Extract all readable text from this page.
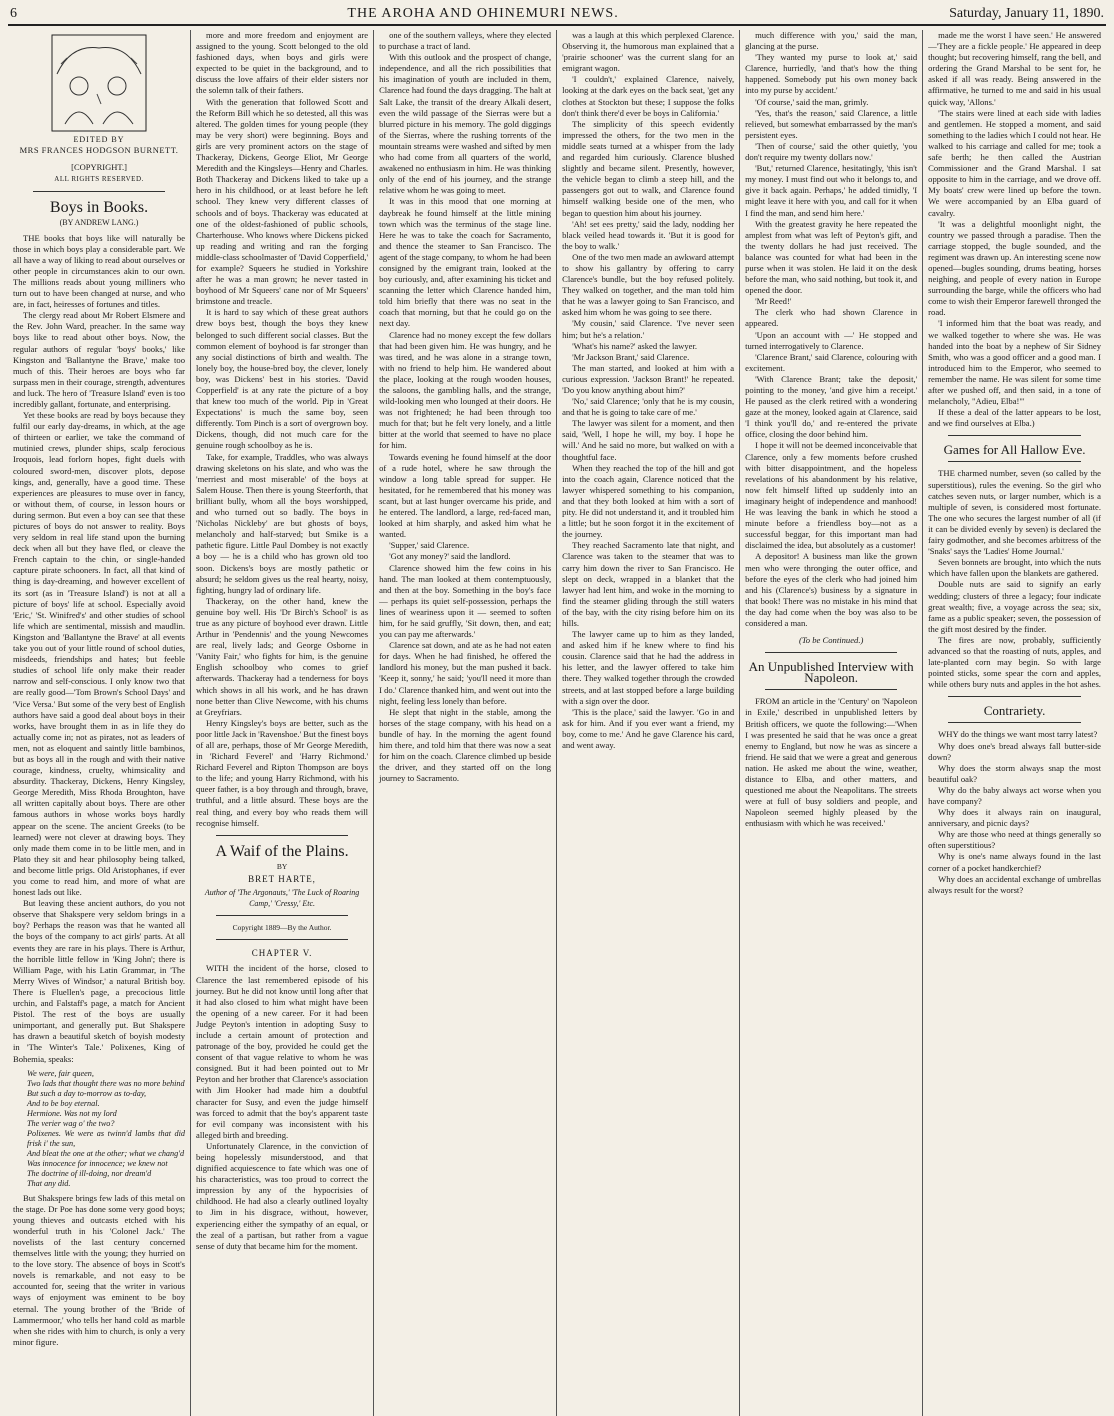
6	THE AROHA AND OHINEMURI NEWS.	Saturday, January 11, 1890.
EDITED BY
MRS FRANCES HODGSON BURNETT.
[COPYRIGHT.]
ALL RIGHTS RESERVED.
Boys in Books.
(BY ANDREW LANG.)

THE books that boys like will naturally be those in which boys play a considerable part. We all have a way of liking to read about ourselves or other people in circumstances akin to our own. The millions reads about young milliners who turn out to have been changed at nurse, and who are, in fact, heiresses of fortunes and titles.

The clergy read about Mr Robert Elsmere and the Rev. John Ward, preacher. In the same way boys like to read about other boys. Now, the regular authors of regular 'boys' books,' like Kingston and 'Ballantyne the Brave,' make too much of this. Their heroes are boys who far surpass men in their courage, strength, adventures and luck. The hero of 'Treasure Island' even is too incredibly gallant, fortunate, and enterprising.

Yet these books are read by boys because they fulfil our early day-dreams, in which, at the age of thirteen or earlier, we take the command of mutinied crews, plunder ships, scalp ferocious Iroquois, lead forlorn hopes, fight duels with coloured sword-men, discover plots, depose kings, and, generally, have a good time. These experiences are pleasures to muse over in fancy, or without them, of course, in lesson hours or during sermon. But even a boy can see that these pictures of boys do not answer to reality. Boys very seldom in real life stand upon the burning deck when all but they have fled, or cleave the French captain to the chin, or single-handed capture pirate schooners. In fact, all that kind of thing is day-dreaming, and however excellent of its sort (as in 'Treasure Island') is not at all a picture of boys' life at school. Especially avoid 'Eric,' 'St. Winifred's' and other studies of school life which are sentimental, missish and maudlin. Kingston and 'Ballantyne the Brave' at all events take you out of your little round of school duties, misdeeds, friendships and hates; but feeble studies of school life only make their reader narrow and self-conscious. I only know two that are really good—'Tom Brown's School Days' and 'Vice Versa.' But some of the very best of English authors have said a good deal about boys in their works, have brought them in as in life they do actually come in; not as pirates, not as leaders of men, not as eloquent and saintly little bambinos, but as boys all in the rough and with their native courage, kindness, cruelty, whimsicality and absurdity. Thackeray, Dickens, Henry Kingsley, George Meredith, Miss Rhoda Broughton, have all written capitally about boys. There are other famous authors in whose works boys hardly appear on the scene. The ancient Greeks (to be learned) were not clever at drawing boys. They only made them come in to be little men, and in Plato they sit and hear philosophy being talked, and become little prigs. Old Aristophanes, if ever you come to read him, and more of what are honest lads out like.

But leaving these ancient authors, do you not observe that Shakspere very seldom brings in a boy? Perhaps the reason was that he wanted all the boys of the company to act girls' parts. At all events they are rare in his plays. There is Arthur, the horrible little fellow in 'King John'; there is William Page, with his Latin Grammar, in 'The Merry Wives of Windsor,' a natural British boy. There is Fluellen's page, a precocious little urchin, and Falstaff's page, a match for Ancient Pistol. The rest of the boys are usually unimportant, and generally put. But Shakspere has drawn a beautiful sketch of boyish modesty in 'The Winter's Tale.' Polixenes, King of Bohemia, speaks:

We were, fair queen,
Two lads that thought there was no more behind
But such a day to-morrow as to-day,
And to be boy eternal.
Hermione. Was not my lord
The verier wag o' the two?
Polixenes. We were as twinn'd lambs that did frisk i' the sun,
And bleat the one at the other; what we chang'd
Was innocence for innocence; we knew not
The doctrine of ill-doing, nor dream'd
That any did.

But Shakspere brings few lads of this metal on the stage. Dr Poe has done some very good boys; young thieves and outcasts etched with his wonderful truth in his 'Colonel Jack.' The novelists of the last century concerned themselves little with the young; they hurried on to the love story. The absence of boys in Scott's novels is remarkable, and not easy to be accounted for, seeing that the writer in various ways of enjoyment was eminent to be boy eternal. The young brother of the 'Bride of Lammermoor,' who tells her hand cold as marble when she rides with him to church, is only a very minor figure.

more and more freedom and enjoyment are assigned to the young. Scott belonged to the old fashioned days, when boys and girls were expected to be quiet in the background, and to discuss the love affairs of their elder sisters nor the solemn talk of their fathers.

With the generation that followed Scott and the Reform Bill which he so detested, all this was altered. The golden times for young people (they may be very short) were beginning. Boys and girls are very prominent actors on the stage of Thackeray, Dickens, George Eliot, Mr George Meredith and the Kingsleys—Henry and Charles. Both Thackeray and Dickens liked to take up a hero in his childhood, or at least before he left school. They knew very different classes of schools and of boys. Thackeray was educated at one of the oldest-fashioned of public schools, Charterhouse. Who knows where Dickens picked up reading and writing and ran the forging middle-class schoolmaster of 'David Copperfield,' for example? Squeers he studied in Yorkshire after he was a man grown; he never tasted in boyhood of Mr Squeers' cane nor of Mr Squeers' brimstone and treacle.

It is hard to say which of these great authors drew boys best, though the boys they knew belonged to such different social classes. But the common element of boyhood is far stronger than any social distinctions of birth and wealth. The lonely boy, the house-bred boy, the clever, lonely boy, was Dickens' best in his stories. 'David Copperfield' is at any rate the picture of a boy that knew too much of the world. Pip in 'Great Expectations' is much the same boy, seen differently. Tom Pinch is a sort of overgrown boy. Dickens, though, did not much care for the genuine rough schoolboy as he is.

Take, for example, Traddles, who was always drawing skeletons on his slate, and who was the 'merriest and most miserable' of the boys at Salem House. Then there is young Steerforth, that brilliant bully, whom all the boys worshipped, and who turned out so badly. The boys in 'Nicholas Nickleby' are but ghosts of boys, melancholy and half-starved; but Smike is a pathetic figure. Little Paul Dombey is not exactly a boy — he is a child who has grown old too soon. Dickens's boys are mostly pathetic or absurd; he seldom gives us the real hearty, noisy, fighting, hungry lad of ordinary life.

Thackeray, on the other hand, knew the genuine boy well. His 'Dr Birch's School' is as true as any picture of boyhood ever drawn. Little Arthur in 'Pendennis' and the young Newcomes are real, lively lads; and George Osborne in 'Vanity Fair,' who fights for him, is the genuine English schoolboy who comes to grief afterwards. Thackeray had a tenderness for boys which shows in all his work, and he has drawn none better than Clive Newcome, with his chums at Greyfriars.

Henry Kingsley's boys are better, such as the poor little Jack in 'Ravenshoe.' But the finest boys of all are, perhaps, those of Mr George Meredith, in 'Richard Feverel' and 'Harry Richmond.' Richard Feverel and Ripton Thompson are boys to the life; and young Harry Richmond, with his queer father, is a boy through and through, brave, truthful, and a little absurd. These boys are the real thing, and every boy who reads them will recognise himself.

A Waif of the Plains.
BY
BRET HARTE,
Author of 'The Argonauts,' 'The Luck of Roaring Camp,' 'Cressy,' Etc.
Copyright 1889—By the Author.
CHAPTER V.

WITH the incident of the horse, closed to Clarence the last remembered episode of his journey. But he did not know until long after that it had also closed to him what might have been the opening of a new career. For it had been Judge Peyton's intention in adopting Susy to include a certain amount of protection and patronage of the boy, provided he could get the consent of that vague relative to whom he was consigned. But it had been pointed out to Mr Peyton and her brother that Clarence's association with Jim Hooker had made him a doubtful character for Susy, and even the judge himself was forced to admit that the boy's apparent taste for evil company was inconsistent with his alleged birth and breeding.

Unfortunately Clarence, in the conviction of being hopelessly misunderstood, and that dignified acquiescence to fate which was one of his characteristics, was too proud to correct the impression by any of the hypocrisies of childhood. He had also a clearly outlined loyalty to Jim in his disgrace, without, however, experiencing either the sympathy of an equal, or the zeal of a partisan, but rather from a vague sense of duty that became him for the moment.

one of the southern valleys, where they elected to purchase a tract of land.

With this outlook and the prospect of change, independence, and all the rich possibilities that his imagination of youth are included in them, Clarence had found the days dragging. The halt at Salt Lake, the transit of the dreary Alkali desert, even the wild passage of the Sierras were but a blurred picture in his memory. The gold diggings of the Sierras, where the rushing torrents of the mountain streams were washed and sifted by men who had come from all quarters of the world, awakened no enthusiasm in him. He was thinking only of the end of his journey, and the strange relative whom he was going to meet.

It was in this mood that one morning at daybreak he found himself at the little mining town which was the terminus of the stage line. Here he was to take the coach for Sacramento, and thence the steamer to San Francisco. The agent of the stage company, to whom he had been consigned by the emigrant train, looked at the boy curiously, and, after examining his ticket and scanning the letter which Clarence handed him, told him briefly that there was no seat in the coach that morning, but that he could go on the next day.

Clarence had no money except the few dollars that had been given him. He was hungry, and he was tired, and he was alone in a strange town, with no friend to help him. He wandered about the place, looking at the rough wooden houses, the saloons, the gambling halls, and the strange, wild-looking men who lounged at their doors. He was not frightened; he had been through too much for that; but he felt very lonely, and a little bitter at the world that seemed to have no place for him.

Towards evening he found himself at the door of a rude hotel, where he saw through the window a long table spread for supper. He hesitated, for he remembered that his money was scant, but at last hunger overcame his pride, and he entered. The landlord, a large, red-faced man, looked at him sharply, and asked him what he wanted.

'Supper,' said Clarence.

'Got any money?' said the landlord.

Clarence showed him the few coins in his hand. The man looked at them contemptuously, and then at the boy. Something in the boy's face — perhaps its quiet self-possession, perhaps the lines of weariness upon it — seemed to soften him, for he said gruffly, 'Sit down, then, and eat; you can pay me afterwards.'

Clarence sat down, and ate as he had not eaten for days. When he had finished, he offered the landlord his money, but the man pushed it back. 'Keep it, sonny,' he said; 'you'll need it more than I do.' Clarence thanked him, and went out into the night, feeling less lonely than before.

He slept that night in the stable, among the horses of the stage company, with his head on a bundle of hay. In the morning the agent found him there, and told him that there was now a seat for him on the coach. Clarence climbed up beside the driver, and they started off on the long journey to Sacramento.

was a laugh at this which perplexed Clarence. Observing it, the humorous man explained that a 'prairie schooner' was the current slang for an emigrant wagon.

'I couldn't,' explained Clarence, naively, looking at the dark eyes on the back seat, 'get any clothes at Stockton but these; I suppose the folks don't think there'd ever be boys in California.'

The simplicity of this speech evidently impressed the others, for the two men in the middle seats turned at a whisper from the lady and regarded him curiously. Clarence blushed slightly and became silent. Presently, however, the vehicle began to climb a steep hill, and the passengers got out to walk, and Clarence found himself walking beside one of the men, who began to question him about his journey.

'Ah! set ees pretty,' said the lady, nodding her black veiled head towards it. 'But it is good for the boy to walk.'

One of the two men made an awkward attempt to show his gallantry by offering to carry Clarence's bundle, but the boy refused politely. They walked on together, and the man told him that he was a lawyer going to San Francisco, and asked him whom he was going to see there.

'My cousin,' said Clarence. 'I've never seen him; but he's a relation.'

'What's his name?' asked the lawyer.

'Mr Jackson Brant,' said Clarence.

The man started, and looked at him with a curious expression. 'Jackson Brant!' he repeated. 'Do you know anything about him?'

'No,' said Clarence; 'only that he is my cousin, and that he is going to take care of me.'

The lawyer was silent for a moment, and then said, 'Well, I hope he will, my boy. I hope he will.' And he said no more, but walked on with a thoughtful face.

When they reached the top of the hill and got into the coach again, Clarence noticed that the lawyer whispered something to his companion, and that they both looked at him with a sort of pity. He did not understand it, and it troubled him a little; but he soon forgot it in the excitement of the journey.

They reached Sacramento late that night, and Clarence was taken to the steamer that was to carry him down the river to San Francisco. He slept on deck, wrapped in a blanket that the lawyer had lent him, and woke in the morning to find the steamer gliding through the still waters of the bay, with the city rising before him on its hills.

The lawyer came up to him as they landed, and asked him if he knew where to find his cousin. Clarence said that he had the address in his letter, and the lawyer offered to take him there. They walked together through the crowded streets, and at last stopped before a large building with a sign over the door.

'This is the place,' said the lawyer. 'Go in and ask for him. And if you ever want a friend, my boy, come to me.' And he gave Clarence his card, and went away.

much difference with you,' said the man, glancing at the purse.

'They wanted my purse to look at,' said Clarence, hurriedly, 'and that's how the thing happened. Somebody put his own money back into my purse by accident.'

'Of course,' said the man, grimly.

'Yes, that's the reason,' said Clarence, a little relieved, but somewhat embarrassed by the man's persistent eyes.

'Then of course,' said the other quietly, 'you don't require my twenty dollars now.'

'But,' returned Clarence, hesitatingly, 'this isn't my money. I must find out who it belongs to, and give it back again. Perhaps,' he added timidly, 'I might leave it here with you, and call for it when I find the man, and send him here.'

With the greatest gravity he here repeated the amplest from what was left of Peyton's gift, and the twenty dollars he had just received. The balance was counted for what had been in the purse when it was stolen. He laid it on the desk before the man, who said nothing, but took it, and opened the door.

'Mr Reed!'

The clerk who had shown Clarence in appeared.

'Upon an account with —' He stopped and turned interrogatively to Clarence.

'Clarence Brant,' said Clarence, colouring with excitement.

'With Clarence Brant; take the deposit,' pointing to the money, 'and give him a receipt.' He paused as the clerk retired with a wondering gaze at the money, looked again at Clarence, said 'I think you'll do,' and re-entered the private office, closing the door behind him.

I hope it will not be deemed inconceivable that Clarence, only a few moments before crushed with bitter disappointment, and the hopeless revelations of his abandonment by his relative, now felt himself lifted up suddenly into an imaginary height of independence and manhood! He was leaving the bank in which he stood a minute before a friendless boy—not as a successful beggar, for this important man had disclaimed the idea, but absolutely as a customer!

A depositor! A business man like the grown men who were thronging the outer office, and before the eyes of the clerk who had joined him and his (Clarence's) business by a signature in that book! There was no mistake in his mind that the day had come when the boy was also to be considered a man.

(To be Continued.)
An Unpublished Interview with Napoleon.

FROM an article in the 'Century' on 'Napoleon in Exile,' described in unpublished letters by British officers, we quote the following:—'When I was presented he said that he was once a great enemy to England, but now he was as sincere a friend. He said that we were a great and generous nation. He asked me about the wine, weather, distance to Elba, and other matters, and questioned me about the Neapolitans. The streets were at full of busy soldiers and people, and Napoleon seemed highly pleased by the enthusiasm with which he was received.'

made me the worst I have seen.' He answered—'They are a fickle people.' He appeared in deep thought; but recovering himself, rang the bell, and ordering the Grand Marshal to be sent for, he asked if all was ready. Being answered in the affirmative, he turned to me and said in his usual quick way, 'Allons.'

'The stairs were lined at each side with ladies and gentlemen. He stopped a moment, and said something to the ladies which I could not hear. He walked to his carriage and called for me; took a safe berth; he then called the Austrian Commissioner and the Grand Marshal. I sat opposite to him in the carriage, and we drove off. My boats' crew were lined up before the town. We were accompanied by an Elba guard of cavalry.

'It was a delightful moonlight night, the country we passed through a paradise. Then the carriage stopped, the bugle sounded, and the regiment was drawn up. An interesting scene now opened—bugles sounding, drums beating, horses neighing, and people of every nation in Europe surrounding the barge, while the officers who had come to wish their Emperor farewell thronged the road.

'I informed him that the boat was ready, and we walked together to where she was. He was handed into the boat by a nephew of Sir Sidney Smith, who was a good officer and a good man. I introduced him to the Emperor, who seemed to remember the name. He was silent for some time after we pushed off, and then said, in a tone of melancholy, "Adieu, Elba!"'

If these a deal of the latter appears to be lost, and we find ourselves at Elba.)

Games for All Hallow Eve.

THE charmed number, seven (so called by the superstitious), rules the evening. So the girl who catches seven nuts, or larger number, which is a multiple of seven, is considered most fortunate. The one who secures the largest number of all (if it can be divided evenly by seven) is declared the fairy godmother, and she becomes arbitress of the 'Snaks' says the 'Ladies' Home Journal.'

Seven bonnets are brought, into which the nuts which have fallen upon the blankets are gathered.

Double nuts are said to signify an early wedding; clusters of three a legacy; four indicate great wealth; five, a voyage across the sea; six, fame as a public speaker; seven, the possession of the gift most desired by the finder.

The fires are now, probably, sufficiently advanced so that the roasting of nuts, apples, and late-planted corn may begin. So with large pointed sticks, some spear the corn and apples, while others bury nuts and apples in the hot ashes.

Contrariety.

WHY do the things we want most tarry latest?

Why does one's bread always fall butter-side down?

Why does the storm always snap the most beautiful oak?

Why do the baby always act worse when you have company?

Why does it always rain on inaugural, anniversary, and picnic days?

Why are those who need at things generally so often superstitious?

Why is one's name always found in the last corner of a pocket handkerchief?

Why does an accidental exchange of umbrellas always result for the worst?
